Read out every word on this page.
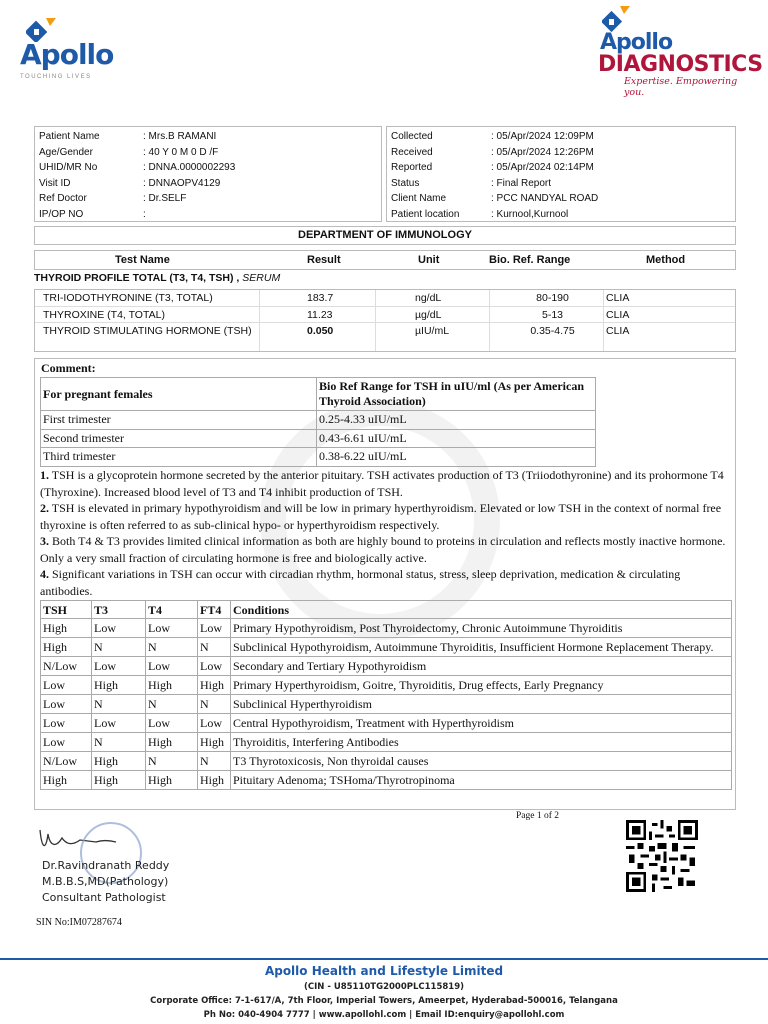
Apollo
TOUCHING LIVES
Apollo
DIAGNOSTICS
Expertise. Empowering you.
Patient Name	: Mrs.B RAMANI
Age/Gender	: 40 Y 0 M 0 D /F
UHID/MR No	: DNNA.0000002293
Visit ID	: DNNAOPV4129
Ref Doctor	: Dr.SELF
IP/OP NO	:
Collected	: 05/Apr/2024 12:09PM
Received	: 05/Apr/2024 12:26PM
Reported	: 05/Apr/2024 02:14PM
Status	: Final Report
Client Name	: PCC NANDYAL ROAD
Patient location	: Kurnool,Kurnool
DEPARTMENT OF IMMUNOLOGY
Test Name	Result	Unit	Bio. Ref. Range	Method
THYROID PROFILE TOTAL (T3, T4, TSH) , SERUM
TRI-IODOTHYRONINE (T3, TOTAL)	183.7	ng/dL	80-190	CLIA
THYROXINE (T4, TOTAL)	11.23	µg/dL	5-13	CLIA
THYROID STIMULATING HORMONE (TSH)	0.050	µIU/mL	0.35-4.75	CLIA
Comment:
For pregnant females	Bio Ref Range for TSH in uIU/ml (As per American Thyroid Association)
First trimester	0.25-4.33 uIU/mL
Second trimester	0.43-6.61 uIU/mL
Third trimester	0.38-6.22 uIU/mL
1. TSH is a glycoprotein hormone secreted by the anterior pituitary. TSH activates production of T3 (Triiodothyronine) and its prohormone T4 (Thyroxine). Increased blood level of T3 and T4 inhibit production of TSH.
2. TSH is elevated in primary hypothyroidism and will be low in primary hyperthyroidism. Elevated or low TSH in the context of normal free thyroxine is often referred to as sub-clinical hypo- or hyperthyroidism respectively.
3. Both T4 & T3 provides limited clinical information as both are highly bound to proteins in circulation and reflects mostly inactive hormone. Only a very small fraction of circulating hormone is free and biologically active.
4. Significant variations in TSH can occur with circadian rhythm, hormonal status, stress, sleep deprivation, medication & circulating antibodies.
TSH	T3	T4	FT4	Conditions
High	Low	Low	Low	Primary Hypothyroidism, Post Thyroidectomy, Chronic Autoimmune Thyroiditis
High	N	N	N	Subclinical Hypothyroidism, Autoimmune Thyroiditis, Insufficient Hormone Replacement Therapy.
N/Low	Low	Low	Low	Secondary and Tertiary Hypothyroidism
Low	High	High	High	Primary Hyperthyroidism, Goitre, Thyroiditis, Drug effects, Early Pregnancy
Low	N	N	N	Subclinical Hyperthyroidism
Low	Low	Low	Low	Central Hypothyroidism, Treatment with Hyperthyroidism
Low	N	High	High	Thyroiditis, Interfering Antibodies
N/Low	High	N	N	T3 Thyrotoxicosis, Non thyroidal causes
High	High	High	High	Pituitary Adenoma; TSHoma/Thyrotropinoma
Page 1 of 2
Dr.Ravindranath Reddy
M.B.B.S,MD(Pathology)
Consultant Pathologist
SIN No:IM07287674
Apollo Health and Lifestyle Limited
(CIN - U85110TG2000PLC115819)
Corporate Office: 7-1-617/A, 7th Floor, Imperial Towers, Ameerpet, Hyderabad-500016, Telangana
Ph No: 040-4904 7777 | www.apollohl.com | Email ID:enquiry@apollohl.com
